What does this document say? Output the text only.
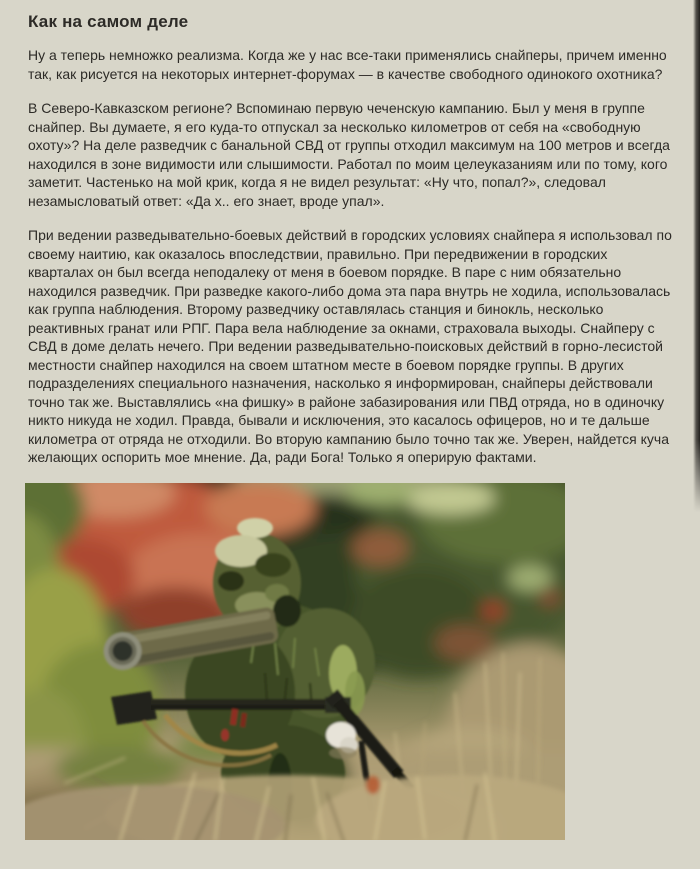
Как на самом деле

Ну а теперь немножко реализма. Когда же у нас все-таки применялись снайперы, причем именно так, как рисуется на некоторых интернет-форумах — в качестве свободного одинокого охотника?

В Северо-Кавказском регионе? Вспоминаю первую чеченскую кампанию. Был у меня в группе снайпер. Вы думаете, я его куда-то отпускал за несколько километров от себя на «свободную охоту»? На деле разведчик с банальной СВД от группы отходил максимум на 100 метров и всегда находился в зоне видимости или слышимости. Работал по моим целеуказаниям или по тому, кого заметит. Частенько на мой крик, когда я не видел результат: «Ну что, попал?», следовал незамысловатый ответ: «Да х.. его знает, вроде упал».

При ведении разведывательно-боевых действий в городских условиях снайпера я использовал по своему наитию, как оказалось впоследствии, правильно. При передвижении в городских кварталах он был всегда неподалеку от меня в боевом порядке. В паре с ним обязательно находился разведчик. При разведке какого-либо дома эта пара внутрь не ходила, использовалась как группа наблюдения. Второму разведчику оставлялась станция и бинокль, несколько реактивных гранат или РПГ. Пара вела наблюдение за окнами, страховала выходы. Снайперу с СВД в доме делать нечего. При ведении разведывательно-поисковых действий в горно-лесистой местности снайпер находился на своем штатном месте в боевом порядке группы. В других подразделениях специального назначения, насколько я информирован, снайперы действовали точно так же. Выставлялись «на фишку» в районе забазирования или ПВД отряда, но в одиночку никто никуда не ходил. Правда, бывали и исключения, это касалось офицеров, но и те дальше километра от отряда не отходили. Во вторую кампанию было точно так же. Уверен, найдется куча желающих оспорить мое мнение. Да, ради Бога! Только я оперирую фактами.
